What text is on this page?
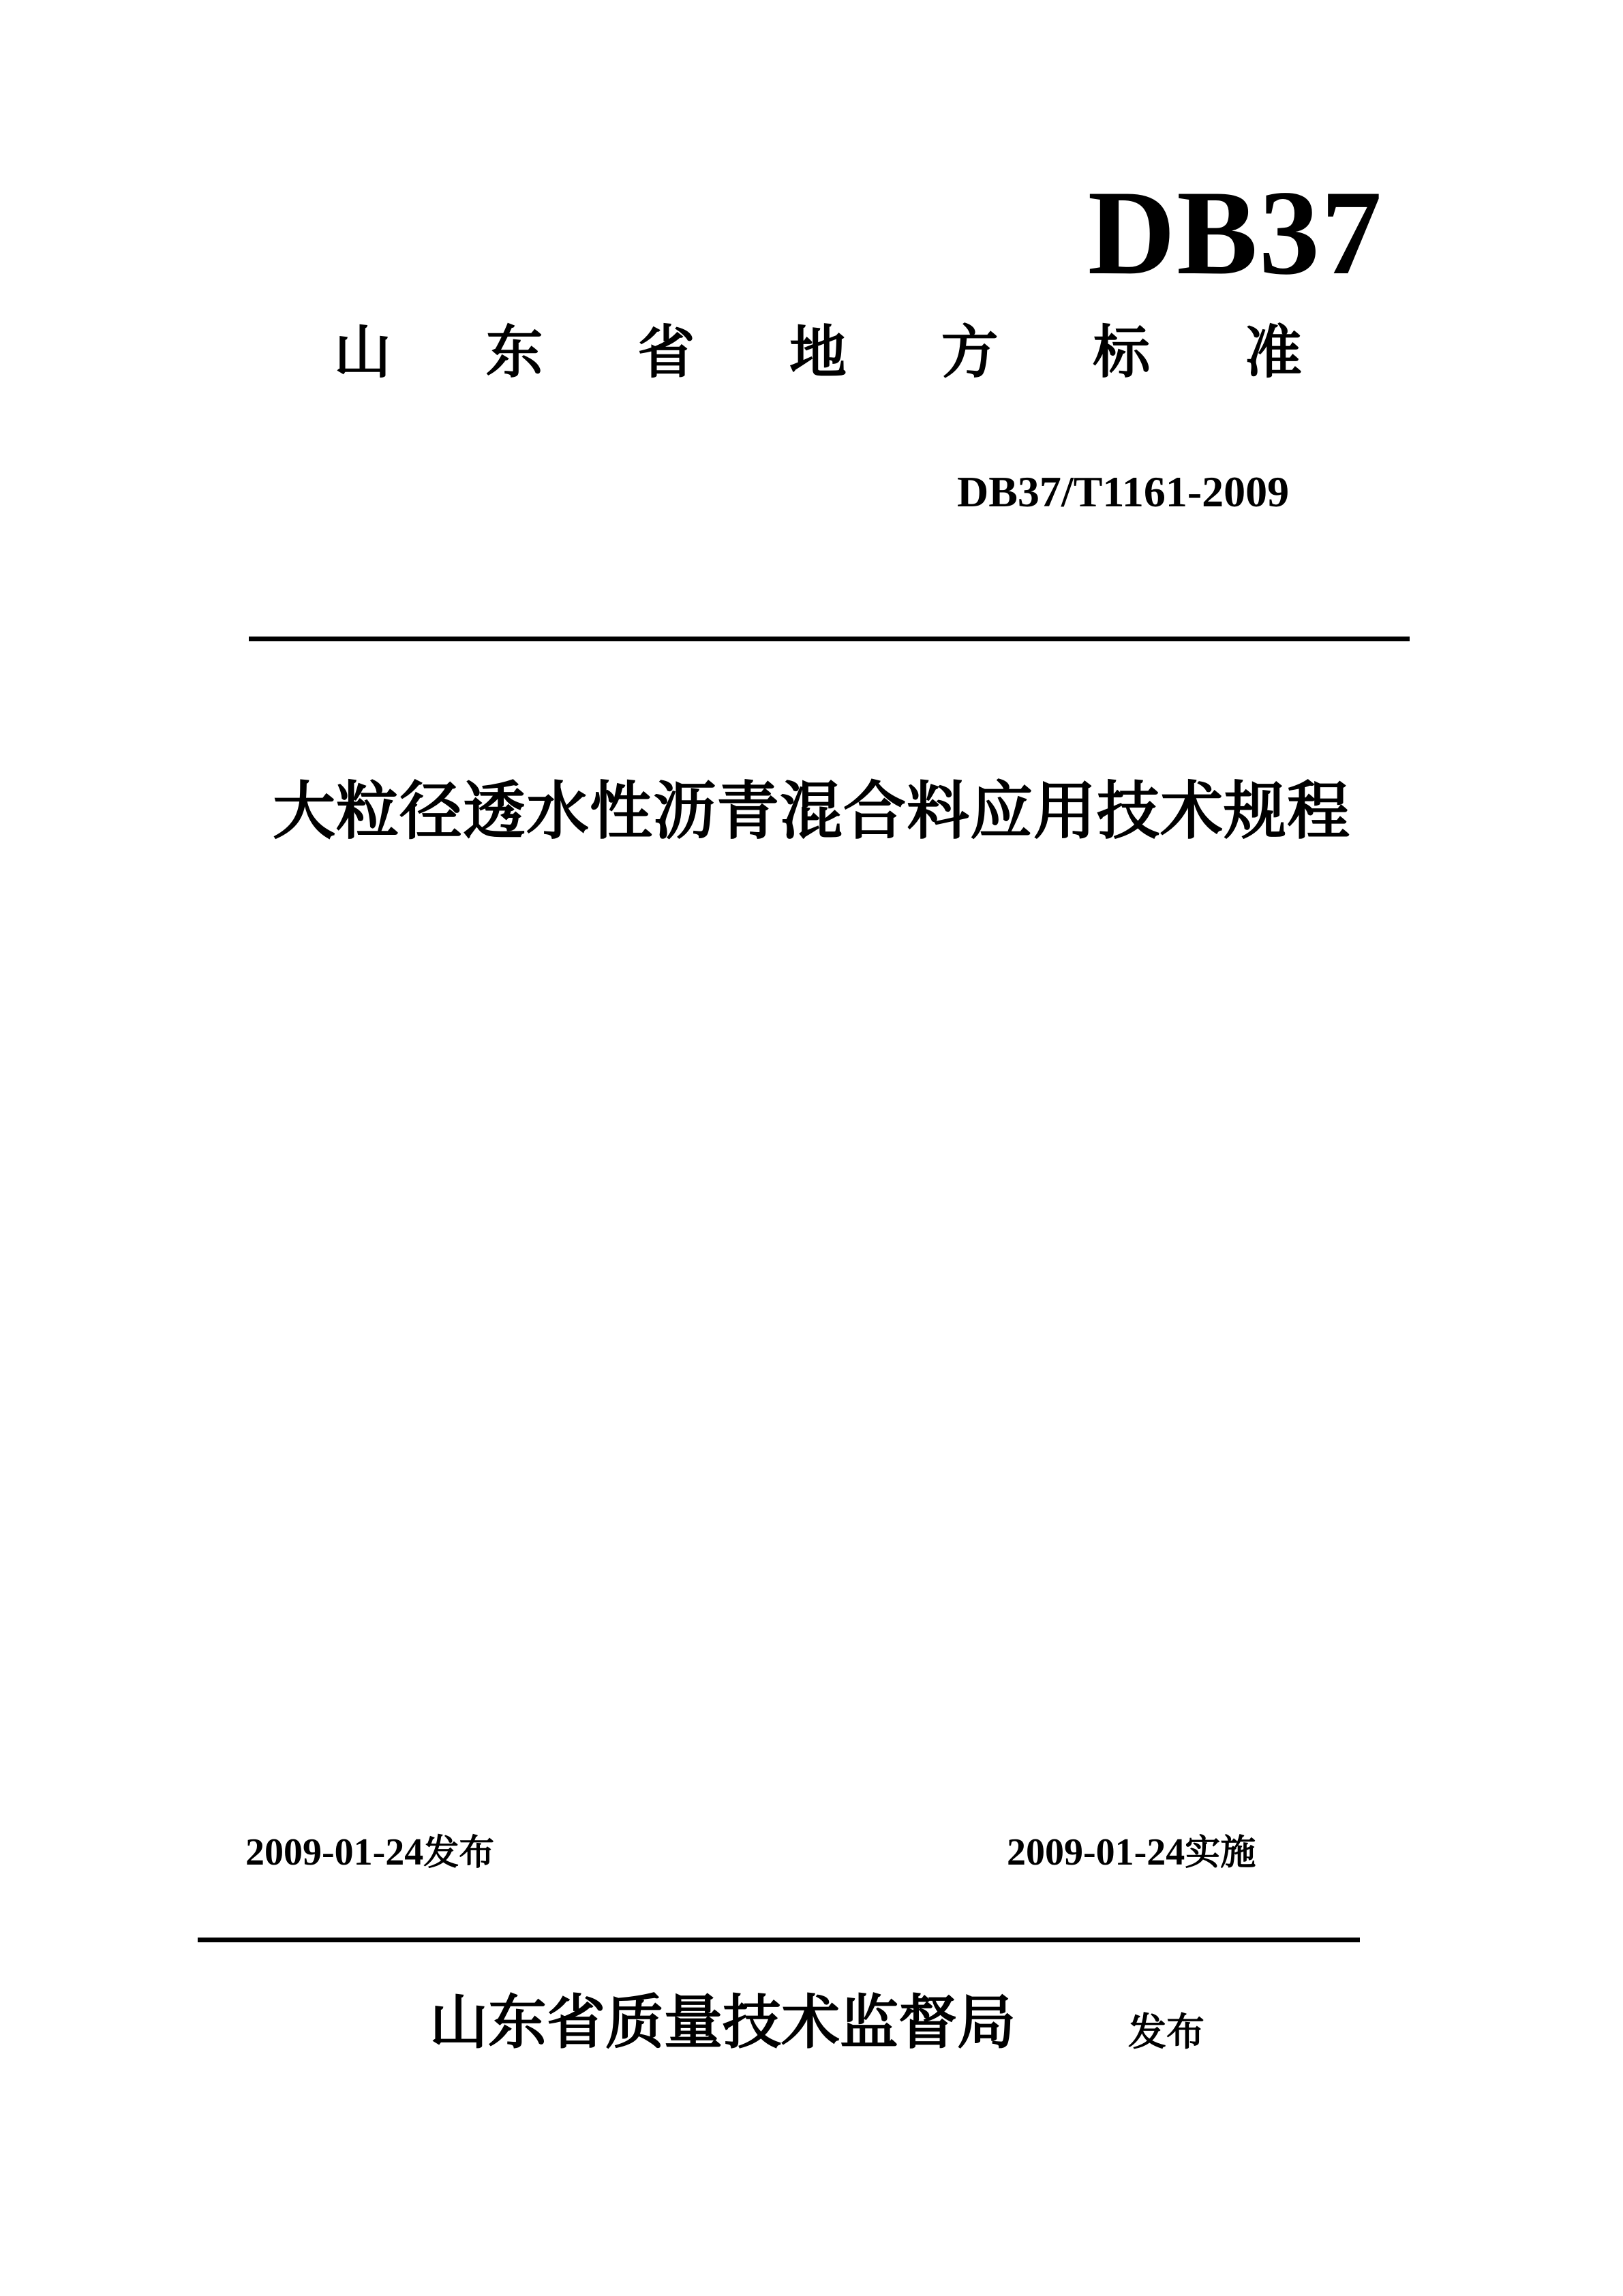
DB37
山 东 省 地 方 标 准
DB37/T1161-2009
大粒径透水性沥青混合料应用技术规程
2009-01-24发布	2009-01-24实施
山东省质量技术监督局	发布
